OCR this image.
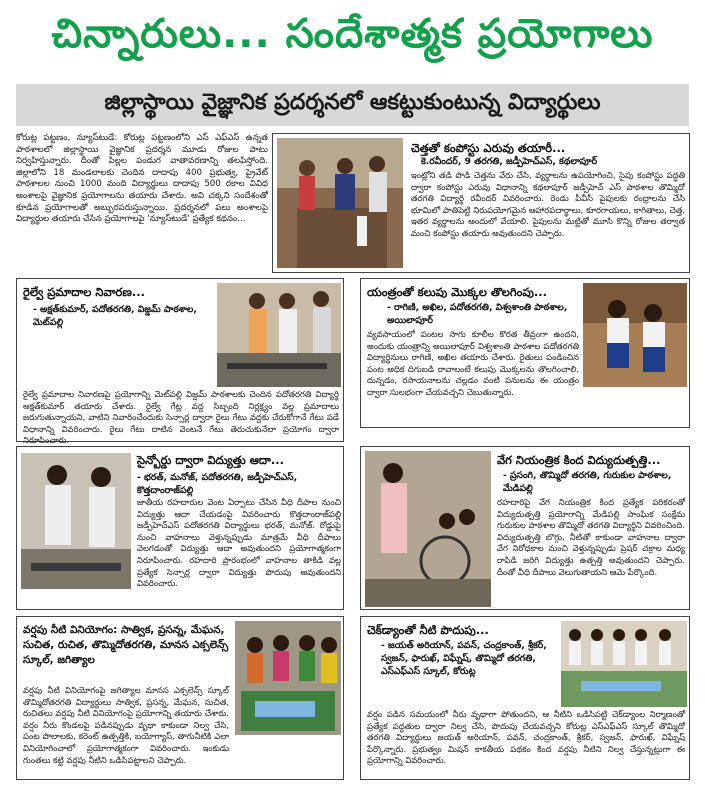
చిన్నారులు... సందేశాత్మక ప్రయోగాలు
జిల్లాస్థాయి వైజ్ఞానిక ప్రదర్శనలో ఆకట్టుకుంటున్న విద్యార్థులు
కోరుట్ల పట్టణం, న్యూస్‌టుడే: కోరుట్ల పట్టణంలోని ఎస్ ఎఫ్ఎస్ ఉన్నత పాఠశాలలో జిల్లాస్థాయి వైజ్ఞానిక ప్రదర్శన మూడు రోజుల పాటు నిర్వహిస్తున్నారు. దీంతో పిల్లల పండుగ వాతావరణాన్ని తలపిస్తోంది. జిల్లాలోని 18 మండలాలకు చెందిన దాదాపు 400 ప్రభుత్వ, ప్రైవేట్ పాఠశాలల నుంచి 1000 మంది విద్యార్థులు దాదాపు 500 రకాల వివిధ అంశాలపై వైజ్ఞానిక ప్రయోగాలను తయారు చేశారు. అవి చక్కని సందేశంతో కూడిన ప్రయోగాలతో అబ్బురపరుస్తున్నాయి. ప్రదర్శనలో పలు అంశాలపై విద్యార్థుల తయారు చేసిన ప్రయోగాలపై 'న్యూస్‌టుడే' ప్రత్యేక కథనం...
చెత్తతో కంపోస్టు ఎరువు తయారీ...
కె.రవీందర్, 9 తరగతి, జడ్పీహెచ్ఎస్, కథలాపూర్
ఇంట్లోని తడి పొడి చెత్తను వేరు చేసి, వ్యర్థాలను ఉపయోగించి, సైపు కంపోస్టు పద్ధతి ద్వారా కంపోస్టు ఎరువు విధానాన్ని కథలాపూర్ జడ్పీహెచ్ ఎస్ పాఠశాల తొమ్మిదో తరగతి విద్యార్థి రవీందర్ వివరించారు. రెండు పీవీసీ పైపులకు రంధ్రాలను చేసి భూమిలో పాతిపెట్టి నిరుపయోగమైన ఆహారపదార్థాలు, కూరగాయలు, కాగితాలు, చెత్త, ఇతర వ్యర్థాలను అందులో వేయాలి. పైపులను మట్టితో మూసి కొన్ని రోజుల తర్వాత మంచి కంపోస్టు తయారు అవుతుందని చెప్పారు.
రైల్వే ప్రమాదాల నివారణ...
- అక్షత్‌కుమార్, పదోతరగతి, విజ్డమ్ పాఠశాల, మెట్‌పల్లి
రైల్వే ప్రమాదాల నివారణపై ప్రయోగాన్ని మెట్‌పల్లి విజ్డమ్ పాఠశాలకు చెందిన పదోతరగతి విద్యార్థి అక్షత్‌కుమార్ తయారు చేశారు. రైల్వే గేట్ల వద్ద సిబ్బంది నిర్లక్ష్యం వల్ల ప్రమాదాలు జరుగుతున్నాయని, వాటిని నివారించేందుకు సెన్సార్ల ద్వారా రైలు గేటు వద్దకు చేరుకోగానే గేటు పడే విధానాన్ని వివరించారు. రైలు గేటు దాటిన వెంటనే గేటు తెరుచుకునేలా ప్రయోగం ద్వారా నిరూపించారు.
యంత్రంతో కలుపు మొక్కల తొలగింపు...
- రాగిణి, అఖిల, పదోతరగతి, విశ్వశాంతి పాఠశాల, అయిలాపూర్
వ్యవసాయంలో పంటల సాగు కూలీల కొరత తీవ్రంగా ఉందని, అందుకు యంత్రాన్ని అయిలాపూర్ విశ్వశాంతి పాఠశాల పదోతరగతి విద్యార్థినులు రాగిణి, అఖిల తయారు చేశారు. రైతులు పండించిన పంట అధిక దిగుబడి రావాలంటే కలుపు మొక్కలను తొలగించాలి. దున్నడం, రసాయనాలను చల్లడం వంటి పనులను ఈ యంత్రం ద్వారా సులభంగా చేయవచ్చని చెబుతున్నారు.
సైన్బోర్డు ద్వారా విద్యుత్తు ఆదా...
- భరత్, మనోజ్, పదోతరగతి, జడ్పీహెచ్ఎస్, కొత్తదాంరాజ్‌పల్లి
జాతీయ రహదారుల వెంట ఏర్పాటు చేసిన వీధి దీపాల నుంచి విద్యుత్తు ఆదా చేయడంపై వివరించారు కొత్తదాంరాజ్‌పల్లి జడ్పీహెచ్ఎస్ పదోతరగతి విద్యార్థులు భరత్, మనోజ్. రోడ్డుపై నుంచి వాహనాలు వెళ్తున్నప్పుడు మాత్రమే వీధి దీపాలు వెలగడంతో విద్యుత్తు ఆదా అవుతుందని ప్రయోగాత్మకంగా నిరూపించారు. రహదారి ప్రారంభంలో వాహనాల తాకిడి వల్ల ప్రత్యేక సెన్సార్ల ద్వారా విద్యుత్తు పొదుపు అవుతుందని వివరించారు.
వేగ నియంత్రిక కింద విద్యుదుత్పత్తి...
- ప్రసంగి, తొమ్మిదో తరగతి, గురుకుల పాఠశాల, మేడిపల్లి
రహదారిపై వేగ నియంత్రిక కింద ప్రత్యేక పరికరంతో విద్యుదుత్పత్తి ప్రయోగాన్ని మేడిపల్లి సాంఘిక సంక్షేమ గురుకుల పాఠశాల తొమ్మిదో తరగతి విద్యార్థిని వివరించింది. విద్యుదుత్పత్తి బొగ్గు, నీటితో కాకుండా వాహనాల ద్వారా వేగ నిరోధకాల నుంచి వెళ్తున్నప్పుడు ప్రెషర్ చక్రాల మధ్య రాపిడి జరిగి విద్యుత్తు ఉత్పత్తి అవుతుందని చెప్పారు. దీంతో వీధి దీపాలు వెలుగుతాయని ఆమె పేర్కొంది.
వర్షపు నీటి వినియోగం: సాత్విక, ప్రసన్న, మేఘన, సుచిత, రుచిత, తొమ్మిదోతరగతి, మానస ఎక్సలెన్స్ స్కూల్, జగిత్యాల
వర్షపు నీటి వినియోగంపై జగిత్యాల మానస ఎక్సలెన్స్ స్కూల్ తొమ్మిదోతరగతి విద్యార్థులు సాత్విక, ప్రసన్న, మేఘన, సుచిత, రుచితలు వర్షపు నీటి వినియోగంపై ప్రయోగాన్ని తయారు చేశారు. వర్షం నీరు కొండలపై పడినప్పుడు వృథా కాకుండా నిల్వ చేసి, పంట పొలాలకు, కరెంట్ ఉత్పత్తికి, బయోగ్యాస్, తాగునీటికి ఎలా వినియోగించాలో ప్రయోగాత్మకంగా వివరించారు. ఇంకుడు గుంతలు కట్టి వర్షపు నీటిని ఒడిసిపట్టాలని చెప్పారు.
చెక్‌డ్యాంతో నీటి పొదుపు...
- జయత్ అరియాన్, పవన్, చంద్రకాంత్, శ్రీకర్, స్వజన్, ఫారుఖ్, విఘ్నేష్, తొమ్మిదో తరగతి, ఎస్ఎఫ్ఎస్ స్కూల్, కోరుట్ల
వర్షం పడిన సమయంలో నీరు వృథాగా పోతుందని, ఆ నీటిని ఒడిసిపట్టి చెక్‌డ్యాంల నిర్మాణంతో ప్రత్యేక పద్ధతుల ద్వారా నిల్వ చేసి, పొదుపు చేయవచ్చని కోరుట్ల ఎస్ఎఫ్ఎస్ స్కూల్ తొమ్మిదో తరగతి విద్యార్థులు జయత్ అరియాన్, పవన్, చంద్రకాంత్, శ్రీకర్, స్వజన్, ఫారుఖ్, విఘ్నేష్ పేర్కొన్నారు. ప్రభుత్వం మిషన్ కాకతీయ పథకం కింద వర్షపు నీటిని నిల్వ చేస్తున్నట్లుగా ఈ ప్రయోగాన్ని వివరించారు.
